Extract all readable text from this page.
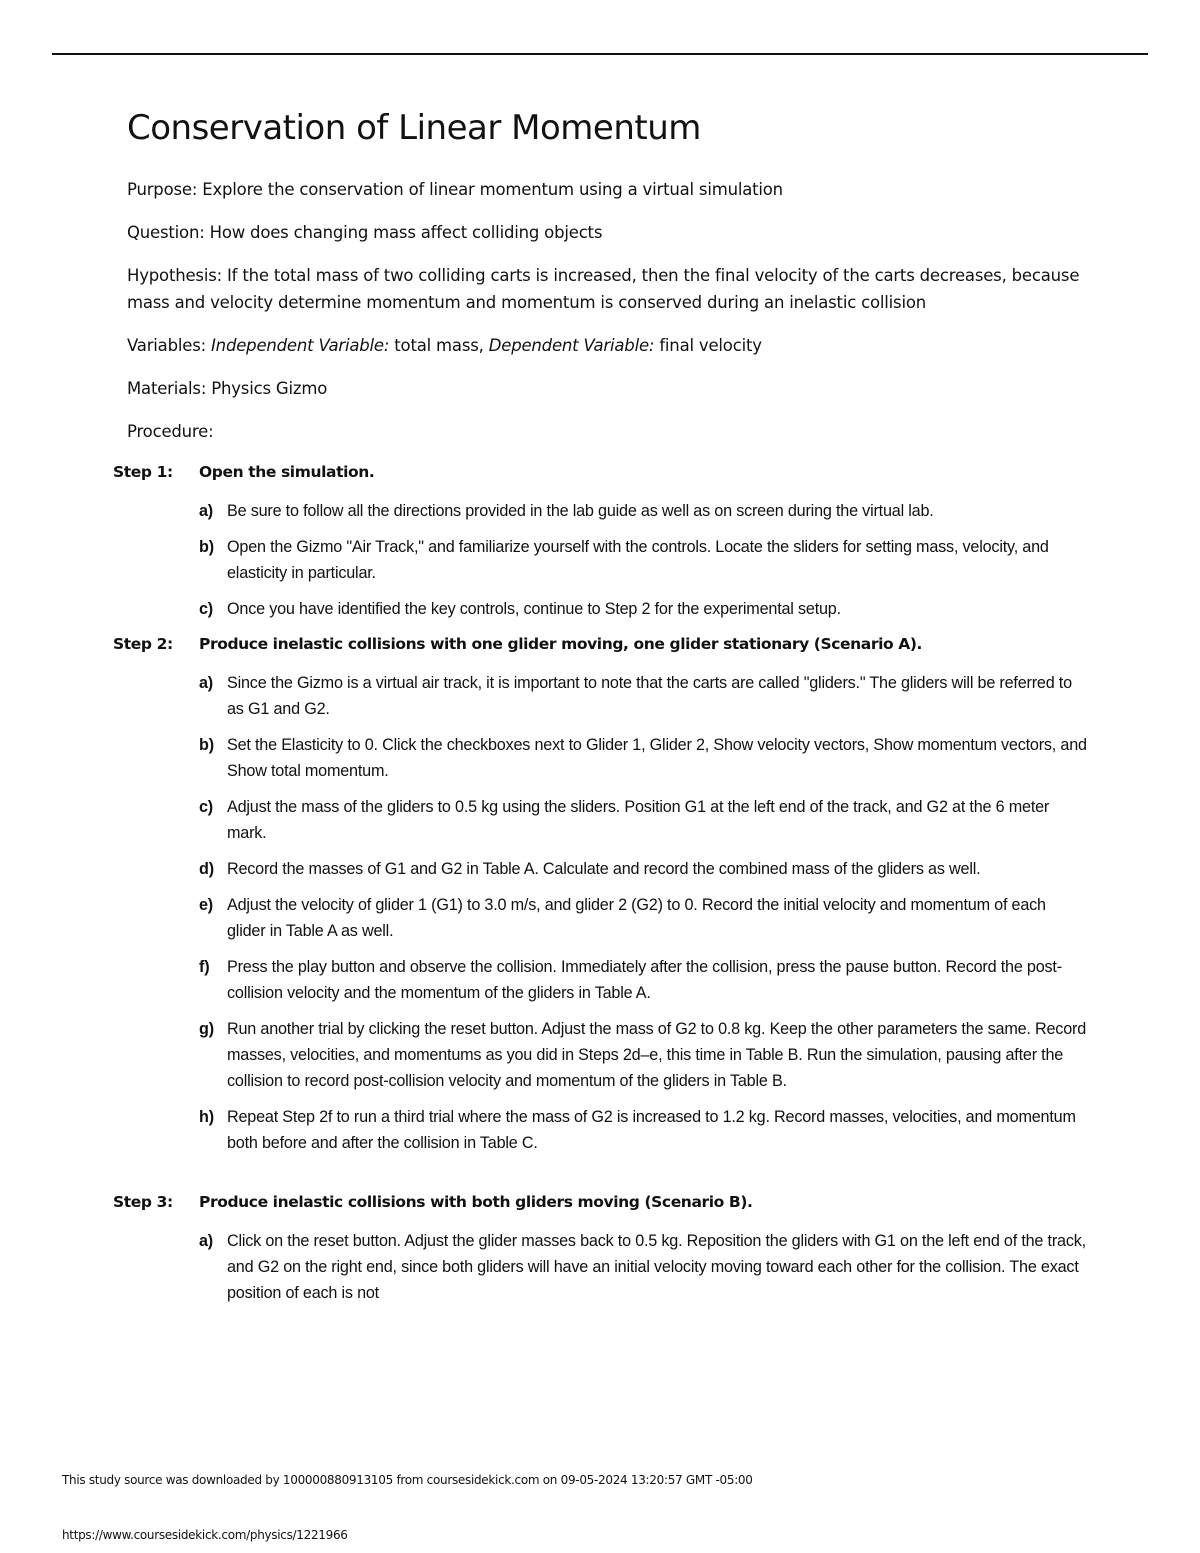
Conservation of Linear Momentum

Purpose: Explore the conservation of linear momentum using a virtual simulation

Question: How does changing mass affect colliding objects

Hypothesis: If the total mass of two colliding carts is increased, then the final velocity of the carts decreases, because mass and velocity determine momentum and momentum is conserved during an inelastic collision

Variables: Independent Variable: total mass, Dependent Variable: final velocity

Materials: Physics Gizmo

Procedure:

Step 1:	Open the simulation.
a) Be sure to follow all the directions provided in the lab guide as well as on screen during the virtual lab.
b) Open the Gizmo "Air Track," and familiarize yourself with the controls. Locate the sliders for setting mass, velocity, and elasticity in particular.
c) Once you have identified the key controls, continue to Step 2 for the experimental setup.
Step 2:	Produce inelastic collisions with one glider moving, one glider stationary (Scenario A).
a) Since the Gizmo is a virtual air track, it is important to note that the carts are called "gliders." The gliders will be referred to as G1 and G2.
b) Set the Elasticity to 0. Click the checkboxes next to Glider 1, Glider 2, Show velocity vectors, Show momentum vectors, and Show total momentum.
c) Adjust the mass of the gliders to 0.5 kg using the sliders. Position G1 at the left end of the track, and G2 at the 6 meter mark.
d) Record the masses of G1 and G2 in Table A. Calculate and record the combined mass of the gliders as well.
e) Adjust the velocity of glider 1 (G1) to 3.0 m/s, and glider 2 (G2) to 0. Record the initial velocity and momentum of each glider in Table A as well.
f)	Press the play button and observe the collision. Immediately after the collision, press the pause button. Record the post-collision velocity and the momentum of the gliders in Table A.
g) Run another trial by clicking the reset button. Adjust the mass of G2 to 0.8 kg. Keep the other parameters the same. Record masses, velocities, and momentums as you did in Steps 2d–e, this time in Table B. Run the simulation, pausing after the collision to record post-collision velocity and momentum of the gliders in Table B.
h) Repeat Step 2f to run a third trial where the mass of G2 is increased to 1.2 kg. Record masses, velocities, and momentum both before and after the collision in Table C.
Step 3:	Produce inelastic collisions with both gliders moving (Scenario B).
a) Click on the reset button. Adjust the glider masses back to 0.5 kg. Reposition the gliders with G1 on the left end of the track, and G2 on the right end, since both gliders will have an initial velocity moving toward each other for the collision. The exact position of each is not
This study source was downloaded by 100000880913105 from coursesidekick.com on 09-05-2024 13:20:57 GMT -05:00
https://www.coursesidekick.com/physics/1221966
